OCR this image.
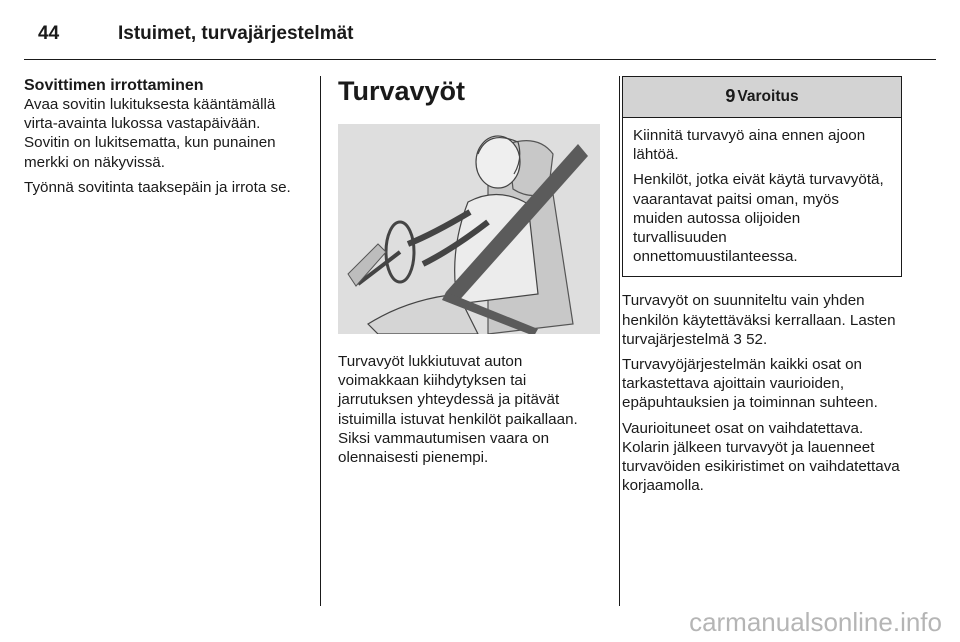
44	Istuimet, turvajärjestelmät
Sovittimen irrottaminen

Avaa sovitin lukituksesta kääntämällä virta-avainta lukossa vastapäivään. Sovitin on lukitsematta, kun punainen merkki on näkyvissä.

Työnnä sovitinta taaksepäin ja irrota se.

Turvavyöt

Turvavyöt lukkiutuvat auton voimakkaan kiihdytyksen tai jarrutuksen yhteydessä ja pitävät istuimilla istuvat henkilöt paikallaan. Siksi vammautumisen vaara on olennaisesti pienempi.

9 Varoitus

Kiinnitä turvavyö aina ennen ajoon lähtöä.

Henkilöt, jotka eivät käytä turvavyötä, vaarantavat paitsi oman, myös muiden autossa olijoiden turvallisuuden onnettomuustilanteessa.

Turvavyöt on suunniteltu vain yhden henkilön käytettäväksi kerrallaan. Lasten turvajärjestelmä 3 52.

Turvavyöjärjestelmän kaikki osat on tarkastettava ajoittain vaurioiden, epäpuhtauksien ja toiminnan suhteen.

Vaurioituneet osat on vaihdatettava. Kolarin jälkeen turvavyöt ja lauenneet turvavöiden esikiristimet on vaihdatettava korjaamolla.

carmanualsonline.info
